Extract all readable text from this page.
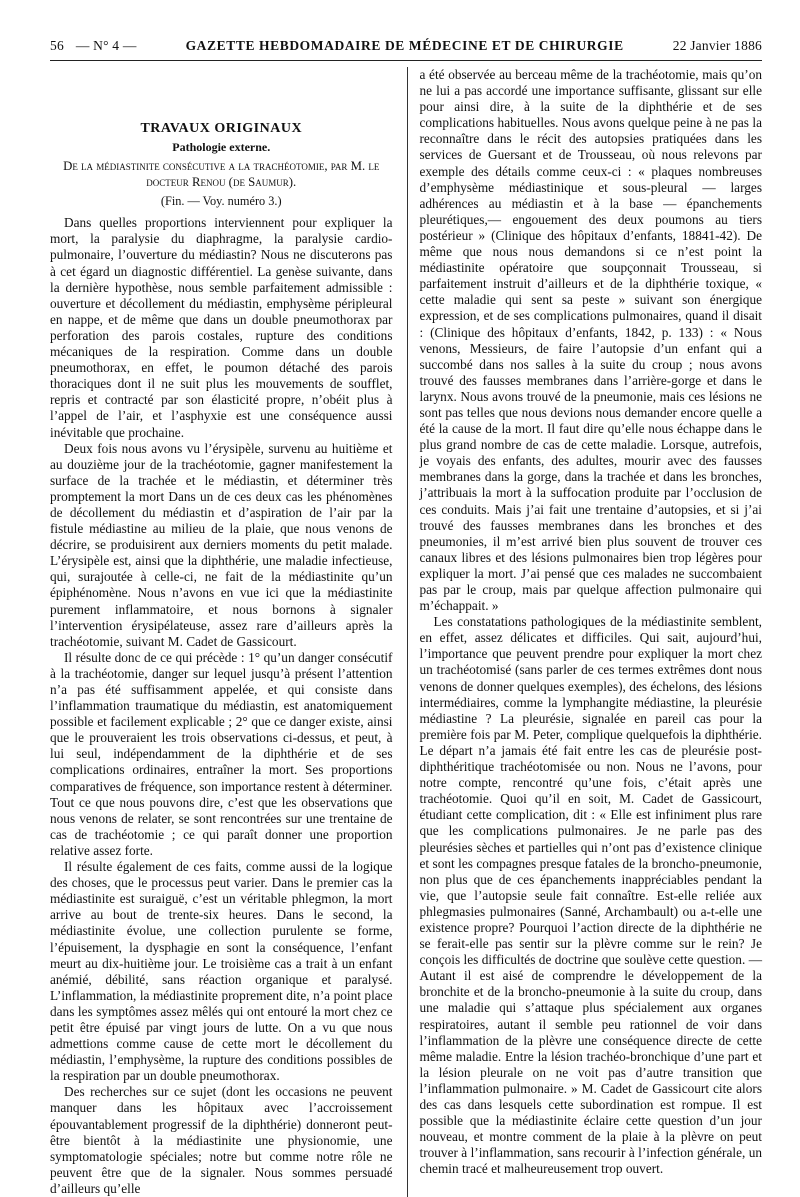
56 — N° 4 —	GAZETTE HEBDOMADAIRE DE MÉDECINE ET DE CHIRURGIE	22 Janvier 1886
TRAVAUX ORIGINAUX
Pathologie externe.
De la médiastinite consécutive a la trachéotomie, par M. le docteur Renou (de Saumur).
(Fin. — Voy. numéro 3.)

Dans quelles proportions interviennent pour expliquer la mort, la paralysie du diaphragme, la paralysie cardio-pulmonaire, l’ouverture du médiastin? Nous ne discuterons pas à cet égard un diagnostic différentiel. La genèse suivante, dans la dernière hypothèse, nous semble parfaitement admissible : ouverture et décollement du médiastin, emphysème péripleural en nappe, et de même que dans un double pneumothorax par perforation des parois costales, rupture des conditions mécaniques de la respiration. Comme dans un double pneumothorax, en effet, le poumon détaché des parois thoraciques dont il ne suit plus les mouvements de soufflet, repris et contracté par son élasticité propre, n’obéit plus à l’appel de l’air, et l’asphyxie est une conséquence aussi inévitable que prochaine.

Deux fois nous avons vu l’érysipèle, survenu au huitième et au douzième jour de la trachéotomie, gagner manifestement la surface de la trachée et le médiastin, et déterminer très promptement la mort Dans un de ces deux cas les phénomènes de décollement du médiastin et d’aspiration de l’air par la fistule médiastine au milieu de la plaie, que nous venons de décrire, se produisirent aux derniers moments du petit malade. L’érysipèle est, ainsi que la diphthérie, une maladie infectieuse, qui, surajoutée à celle-ci, ne fait de la médiastinite qu’un épiphénomène. Nous n’avons en vue ici que la médiastinite purement inflammatoire, et nous bornons à signaler l’intervention érysipélateuse, assez rare d’ailleurs après la trachéotomie, suivant M. Cadet de Gassicourt.

Il résulte donc de ce qui précède : 1° qu’un danger consécutif à la trachéotomie, danger sur lequel jusqu’à présent l’attention n’a pas été suffisamment appelée, et qui consiste dans l’inflammation traumatique du médiastin, est anatomiquement possible et facilement explicable ; 2° que ce danger existe, ainsi que le prouveraient les trois observations ci-dessus, et peut, à lui seul, indépendamment de la diphthérie et de ses complications ordinaires, entraîner la mort. Ses proportions comparatives de fréquence, son importance restent à déterminer. Tout ce que nous pouvons dire, c’est que les observations que nous venons de relater, se sont rencontrées sur une trentaine de cas de trachéotomie ; ce qui paraît donner une proportion relative assez forte.

Il résulte également de ces faits, comme aussi de la logique des choses, que le processus peut varier. Dans le premier cas la médiastinite est suraiguë, c’est un véritable phlegmon, la mort arrive au bout de trente-six heures. Dans le second, la médiastinite évolue, une collection purulente se forme, l’épuisement, la dysphagie en sont la conséquence, l’enfant meurt au dix-huitième jour. Le troisième cas a trait à un enfant anémié, débilité, sans réaction organique et paralysé. L’inflammation, la médiastinite proprement dite, n’a point place dans les symptômes assez mêlés qui ont entouré la mort chez ce petit être épuisé par vingt jours de lutte. On a vu que nous admettions comme cause de cette mort le décollement du médiastin, l’emphysème, la rupture des conditions possibles de la respiration par un double pneumothorax.

Des recherches sur ce sujet (dont les occasions ne peuvent manquer dans les hôpitaux avec l’accroissement épouvantablement progressif de la diphthérie) donneront peut-être bientôt à la médiastinite une physionomie, une symptomatologie spéciales; notre but comme notre rôle ne peuvent être que de la signaler. Nous sommes persuadé d’ailleurs qu’elle

a été observée au berceau même de la trachéotomie, mais qu’on ne lui a pas accordé une importance suffisante, glissant sur elle pour ainsi dire, à la suite de la diphthérie et de ses complications habituelles. Nous avons quelque peine à ne pas la reconnaître dans le récit des autopsies pratiquées dans les services de Guersant et de Trousseau, où nous relevons par exemple des détails comme ceux-ci : « plaques nombreuses d’emphysème médiastinique et sous-pleural — larges adhérences au médiastin et à la base — épanchements pleurétiques,— engouement des deux poumons au tiers postérieur » (Clinique des hôpitaux d’enfants, 18841-42). De même que nous nous demandons si ce n’est point la médiastinite opératoire que soupçonnait Trousseau, si parfaitement instruit d’ailleurs et de la diphthérie toxique, « cette maladie qui sent sa peste » suivant son énergique expression, et de ses complications pulmonaires, quand il disait : (Clinique des hôpitaux d’enfants, 1842, p. 133) : « Nous venons, Messieurs, de faire l’autopsie d’un enfant qui a succombé dans nos salles à la suite du croup ; nous avons trouvé des fausses membranes dans l’arrière-gorge et dans le larynx. Nous avons trouvé de la pneumonie, mais ces lésions ne sont pas telles que nous devions nous demander encore quelle a été la cause de la mort. Il faut dire qu’elle nous échappe dans le plus grand nombre de cas de cette maladie. Lorsque, autrefois, je voyais des enfants, des adultes, mourir avec des fausses membranes dans la gorge, dans la trachée et dans les bronches, j’attribuais la mort à la suffocation produite par l’occlusion de ces conduits. Mais j’ai fait une trentaine d’autopsies, et si j’ai trouvé des fausses membranes dans les bronches et des pneumonies, il m’est arrivé bien plus souvent de trouver ces canaux libres et des lésions pulmonaires bien trop légères pour expliquer la mort. J’ai pensé que ces malades ne succombaient pas par le croup, mais par quelque affection pulmonaire qui m’échappait. »

Les constatations pathologiques de la médiastinite semblent, en effet, assez délicates et difficiles. Qui sait, aujourd’hui, l’importance que peuvent prendre pour expliquer la mort chez un trachéotomisé (sans parler de ces termes extrêmes dont nous venons de donner quelques exemples), des échelons, des lésions intermédiaires, comme la lymphangite médiastine, la pleurésie médiastine ? La pleurésie, signalée en pareil cas pour la première fois par M. Peter, complique quelquefois la diphthérie. Le départ n’a jamais été fait entre les cas de pleurésie post-diphthéritique trachéotomisée ou non. Nous ne l’avons, pour notre compte, rencontré qu’une fois, c’était après une trachéotomie. Quoi qu’il en soit, M. Cadet de Gassicourt, étudiant cette complication, dit : « Elle est infiniment plus rare que les complications pulmonaires. Je ne parle pas des pleurésies sèches et partielles qui n’ont pas d’existence clinique et sont les compagnes presque fatales de la broncho-pneumonie, non plus que de ces épanchements inappréciables pendant la vie, que l’autopsie seule fait connaître. Est-elle reliée aux phlegmasies pulmonaires (Sanné, Archambault) ou a-t-elle une existence propre? Pourquoi l’action directe de la diphthérie ne se ferait-elle pas sentir sur la plèvre comme sur le rein? Je conçois les difficultés de doctrine que soulève cette question. — Autant il est aisé de comprendre le développement de la bronchite et de la broncho-pneumonie à la suite du croup, dans une maladie qui s’attaque plus spécialement aux organes respiratoires, autant il semble peu rationnel de voir dans l’inflammation de la plèvre une conséquence directe de cette même maladie. Entre la lésion trachéo-bronchique d’une part et la lésion pleurale on ne voit pas d’autre transition que l’inflammation pulmonaire. » M. Cadet de Gassicourt cite alors des cas dans lesquels cette subordination est rompue. Il est possible que la médiastinite éclaire cette question d’un jour nouveau, et montre comment de la plaie à la plèvre on peut trouver à l’inflammation, sans recourir à l’infection générale, un chemin tracé et malheureusement trop ouvert.
